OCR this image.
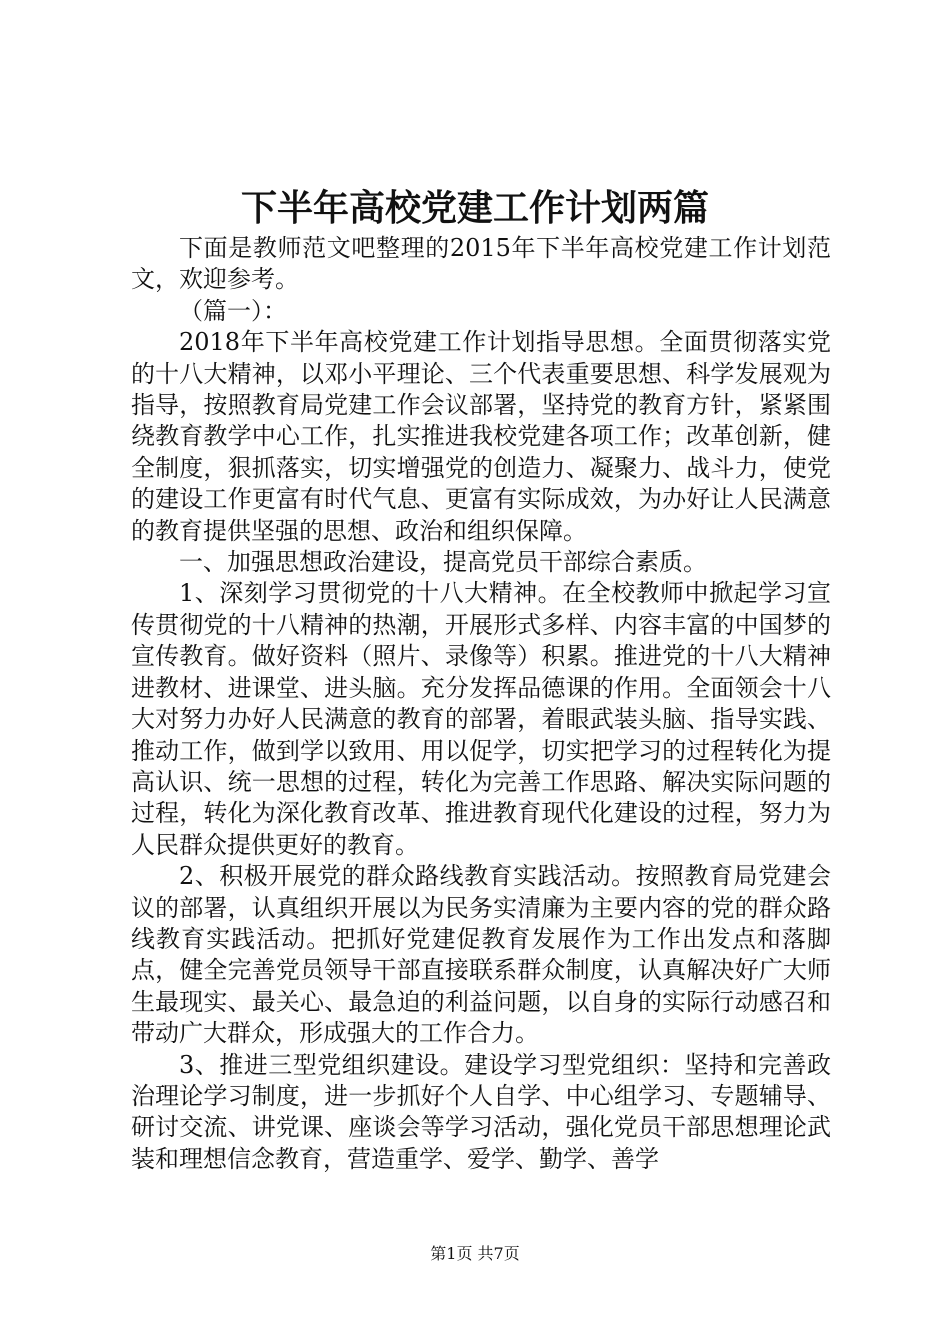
下半年高校党建工作计划两篇

下面是教师范文吧整理的2015年下半年高校党建工作计划范文，欢迎参考。

（篇一）：

2018年下半年高校党建工作计划指导思想。全面贯彻落实党的十八大精神，以邓小平理论、三个代表重要思想、科学发展观为指导，按照教育局党建工作会议部署，坚持党的教育方针，紧紧围绕教育教学中心工作，扎实推进我校党建各项工作；改革创新，健全制度，狠抓落实，切实增强党的创造力、凝聚力、战斗力，使党的建设工作更富有时代气息、更富有实际成效，为办好让人民满意的教育提供坚强的思想、政治和组织保障。

一、加强思想政治建设，提高党员干部综合素质。

1、深刻学习贯彻党的十八大精神。在全校教师中掀起学习宣传贯彻党的十八精神的热潮，开展形式多样、内容丰富的中国梦的宣传教育。做好资料（照片、录像等）积累。推进党的十八大精神进教材、进课堂、进头脑。充分发挥品德课的作用。全面领会十八大对努力办好人民满意的教育的部署，着眼武装头脑、指导实践、推动工作，做到学以致用、用以促学，切实把学习的过程转化为提高认识、统一思想的过程，转化为完善工作思路、解决实际问题的过程，转化为深化教育改革、推进教育现代化建设的过程，努力为人民群众提供更好的教育。

2、积极开展党的群众路线教育实践活动。按照教育局党建会议的部署，认真组织开展以为民务实清廉为主要内容的党的群众路线教育实践活动。把抓好党建促教育发展作为工作出发点和落脚点，健全完善党员领导干部直接联系群众制度，认真解决好广大师生最现实、最关心、最急迫的利益问题，以自身的实际行动感召和带动广大群众，形成强大的工作合力。

3、推进三型党组织建设。建设学习型党组织：坚持和完善政治理论学习制度，进一步抓好个人自学、中心组学习、专题辅导、研讨交流、讲党课、座谈会等学习活动，强化党员干部思想理论武装和理想信念教育，营造重学、爱学、勤学、善学

第1页 共7页
